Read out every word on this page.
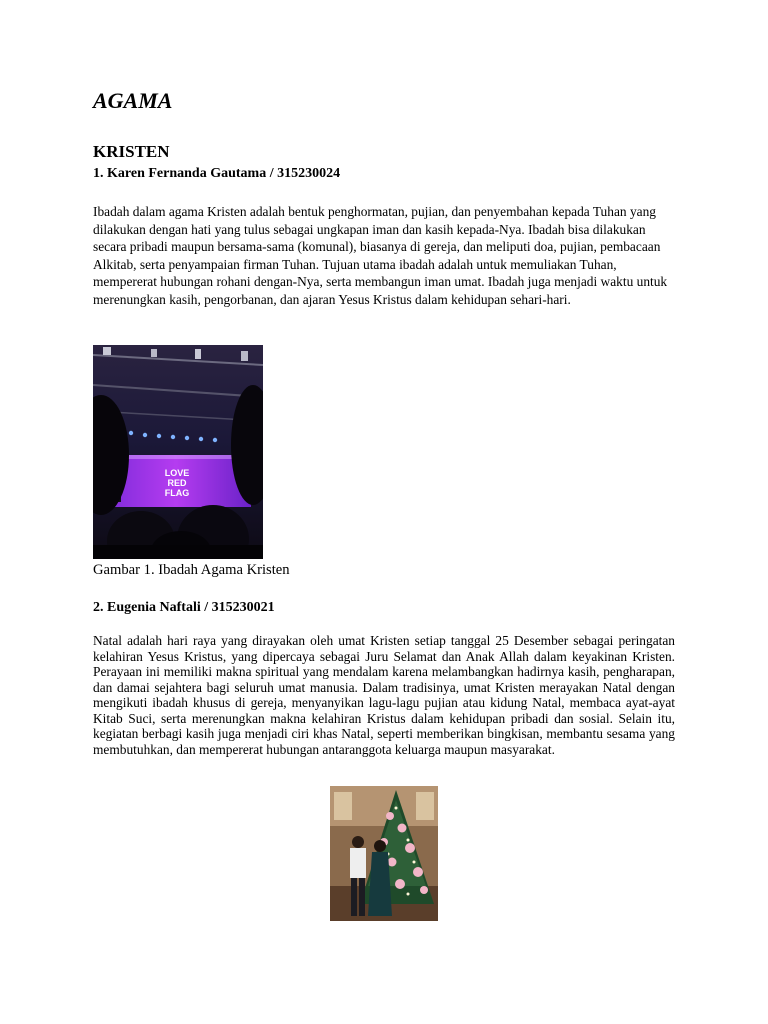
AGAMA
KRISTEN

1. Karen Fernanda Gautama / 315230024

Ibadah dalam agama Kristen adalah bentuk penghormatan, pujian, dan penyembahan kepada Tuhan yang dilakukan dengan hati yang tulus sebagai ungkapan iman dan kasih kepada-Nya. Ibadah bisa dilakukan secara pribadi maupun bersama-sama (komunal), biasanya di gereja, dan meliputi doa, pujian, pembacaan Alkitab, serta penyampaian firman Tuhan. Tujuan utama ibadah adalah untuk memuliakan Tuhan, mempererat hubungan rohani dengan-Nya, serta membangun iman umat. Ibadah juga menjadi waktu untuk merenungkan kasih, pengorbanan, dan ajaran Yesus Kristus dalam kehidupan sehari-hari.

LOVE
RED
FLAG

Gambar 1. Ibadah Agama Kristen

2. Eugenia Naftali / 315230021

Natal adalah hari raya yang dirayakan oleh umat Kristen setiap tanggal 25 Desember sebagai peringatan kelahiran Yesus Kristus, yang dipercaya sebagai Juru Selamat dan Anak Allah dalam keyakinan Kristen. Perayaan ini memiliki makna spiritual yang mendalam karena melambangkan hadirnya kasih, pengharapan, dan damai sejahtera bagi seluruh umat manusia. Dalam tradisinya, umat Kristen merayakan Natal dengan mengikuti ibadah khusus di gereja, menyanyikan lagu-lagu pujian atau kidung Natal, membaca ayat-ayat Kitab Suci, serta merenungkan makna kelahiran Kristus dalam kehidupan pribadi dan sosial. Selain itu, kegiatan berbagi kasih juga menjadi ciri khas Natal, seperti memberikan bingkisan, membantu sesama yang membutuhkan, dan mempererat hubungan antaranggota keluarga maupun masyarakat.
